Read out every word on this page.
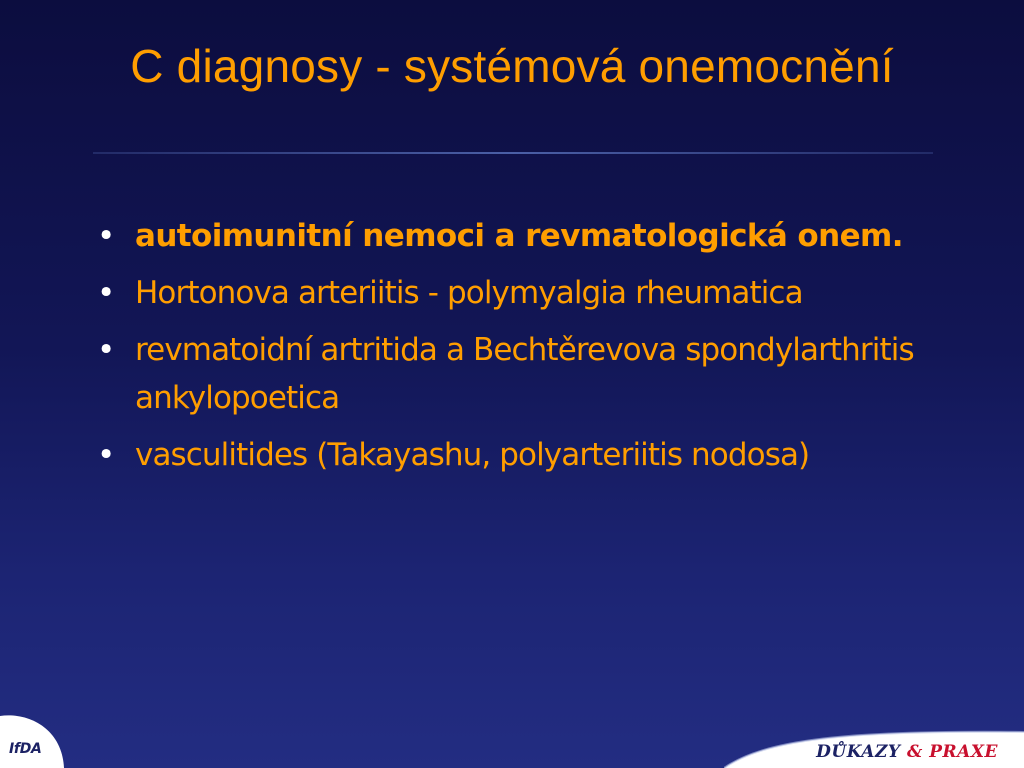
C diagnosy - systémová onemocnění
• autoimunitní nemoci a revmatologická onem.
• Hortonova arteriitis - polymyalgia rheumatica
• revmatoidní artritida a Bechtěrevova spondylarthritis ankylopoetica
• vasculitides (Takayashu, polyarteriitis nodosa)
IfDA	DŮKAZY & PRAXE
